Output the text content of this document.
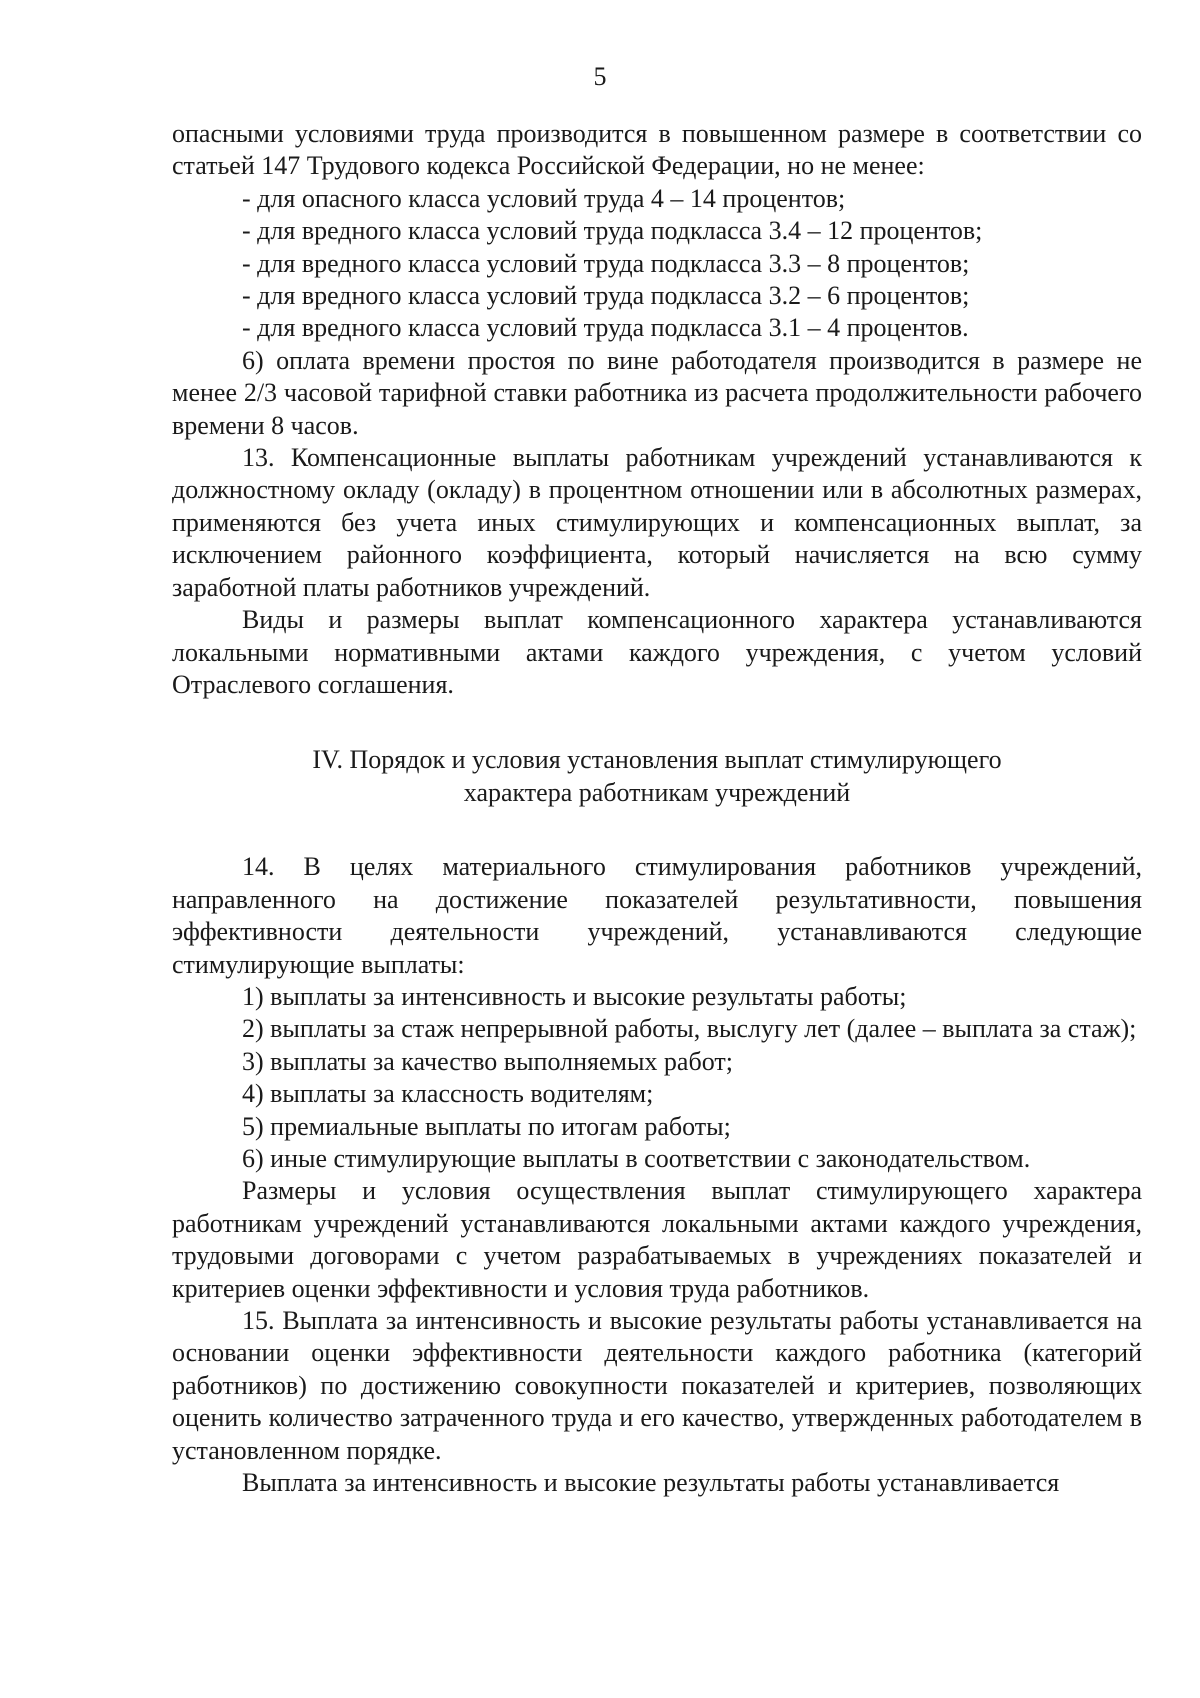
5

опасными условиями труда производится в повышенном размере в соответствии со статьей 147 Трудового кодекса Российской Федерации, но не менее:

- для опасного класса условий труда 4 – 14 процентов;

- для вредного класса условий труда подкласса 3.4 – 12 процентов;

- для вредного класса условий труда подкласса 3.3 – 8 процентов;

- для вредного класса условий труда подкласса 3.2 – 6 процентов;

- для вредного класса условий труда подкласса 3.1 – 4 процентов.

6) оплата времени простоя по вине работодателя производится в размере не менее 2/3 часовой тарифной ставки работника из расчета продолжительности рабочего времени 8 часов.

13. Компенсационные выплаты работникам учреждений устанавливаются к должностному окладу (окладу) в процентном отношении или в абсолютных размерах, применяются без учета иных стимулирующих и компенсационных выплат, за исключением районного коэффициента, который начисляется на всю сумму заработной платы работников учреждений.

Виды и размеры выплат компенсационного характера устанавливаются локальными нормативными актами каждого учреждения, с учетом условий Отраслевого соглашения.

IV. Порядок и условия установления выплат стимулирующего
характера работникам учреждений

14. В целях материального стимулирования работников учреждений, направленного на достижение показателей результативности, повышения эффективности деятельности учреждений, устанавливаются следующие стимулирующие выплаты:

1) выплаты за интенсивность и высокие результаты работы;

2) выплаты за стаж непрерывной работы, выслугу лет (далее – выплата за стаж);

3) выплаты за качество выполняемых работ;

4) выплаты за классность водителям;

5) премиальные выплаты по итогам работы;

6) иные стимулирующие выплаты в соответствии с законодательством.

Размеры и условия осуществления выплат стимулирующего характера работникам учреждений устанавливаются локальными актами каждого учреждения, трудовыми договорами с учетом разрабатываемых в учреждениях показателей и критериев оценки эффективности и условия труда работников.

15. Выплата за интенсивность и высокие результаты работы устанавливается на основании оценки эффективности деятельности каждого работника (категорий работников) по достижению совокупности показателей и критериев, позволяющих оценить количество затраченного труда и его качество, утвержденных работодателем в установленном порядке.

Выплата за интенсивность и высокие результаты работы устанавливается
